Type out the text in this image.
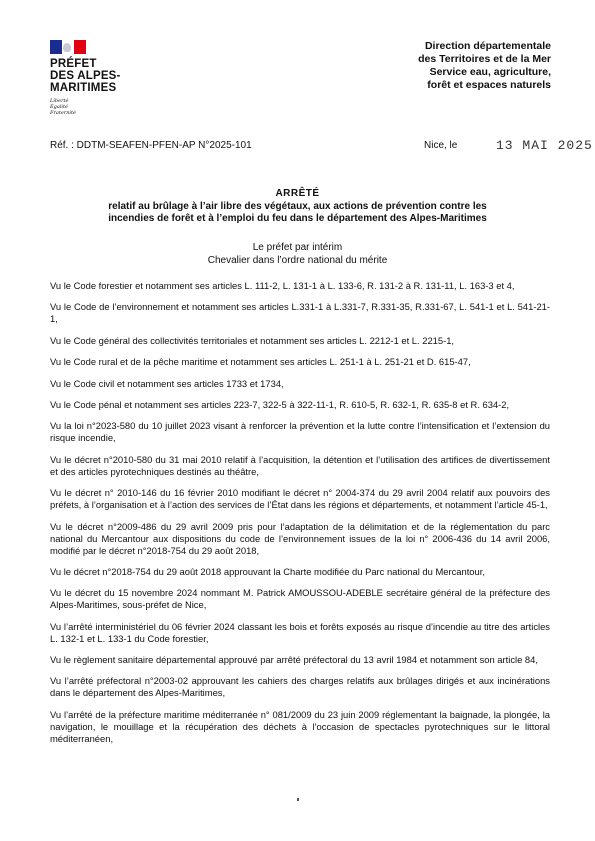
PRÉFET
DES ALPES-
MARITIMES
Liberté
Égalité
Fraternité
Direction départementale
des Territoires et de la Mer
Service eau, agriculture,
forêt et espaces naturels
Réf. : DDTM-SEAFEN-PFEN-AP N°2025-101	Nice, le	13 MAI 2025
ARRÊTÉ
relatif au brûlage à l’air libre des végétaux, aux actions de prévention contre les
incendies de forêt et à l’emploi du feu dans le département des Alpes-Maritimes
Le préfet par intérim
Chevalier dans l’ordre national du mérite

Vu le Code forestier et notamment ses articles L. 111-2, L. 131-1 à L. 133-6, R. 131-2 à R. 131-11, L. 163-3 et 4,

Vu le Code de l’environnement et notamment ses articles L.331-1 à L.331-7, R.331-35, R.331-67, L. 541-1 et L. 541-21-1,

Vu le Code général des collectivités territoriales et notamment ses articles L. 2212-1 et L. 2215-1,

Vu le Code rural et de la pêche maritime et notamment ses articles L. 251-1 à L. 251-21 et D. 615-47,

Vu le Code civil et notamment ses articles 1733 et 1734,

Vu le Code pénal et notamment ses articles 223-7, 322-5 à 322-11-1, R. 610-5, R. 632-1, R. 635-8 et R. 634-2,

Vu la loi n°2023-580 du 10 juillet 2023 visant à renforcer la prévention et la lutte contre l’intensification et l’extension du risque incendie,

Vu le décret n°2010-580 du 31 mai 2010 relatif à l’acquisition, la détention et l’utilisation des artifices de divertissement et des articles pyrotechniques destinés au théâtre,

Vu le décret n° 2010-146 du 16 février 2010 modifiant le décret n° 2004-374 du 29 avril 2004 relatif aux pouvoirs des préfets, à l’organisation et à l’action des services de l’État dans les régions et départements, et notamment l’article 45-1,

Vu le décret n°2009-486 du 29 avril 2009 pris pour l’adaptation de la délimitation et de la réglementation du parc national du Mercantour aux dispositions du code de l’environnement issues de la loi n° 2006-436 du 14 avril 2006, modifié par le décret n°2018-754 du 29 août 2018,

Vu le décret n°2018-754 du 29 août 2018 approuvant la Charte modifiée du Parc national du Mercantour,

Vu le décret du 15 novembre 2024 nommant M. Patrick AMOUSSOU-ADEBLE secrétaire général de la préfecture des Alpes-Maritimes, sous-préfet de Nice,

Vu l’arrêté interministériel du 06 février 2024 classant les bois et forêts exposés au risque d’incendie au titre des articles L. 132-1 et L. 133-1 du Code forestier,

Vu le règlement sanitaire départemental approuvé par arrêté préfectoral du 13 avril 1984 et notamment son article 84,

Vu l’arrêté préfectoral n°2003-02 approuvant les cahiers des charges relatifs aux brûlages dirigés et aux incinérations dans le département des Alpes-Maritimes,

Vu l’arrêté de la préfecture maritime méditerranée n° 081/2009 du 23 juin 2009 réglementant la baignade, la plongée, la navigation, le mouillage et la récupération des déchets à l’occasion de spectacles pyrotechniques sur le littoral méditerranéen,
